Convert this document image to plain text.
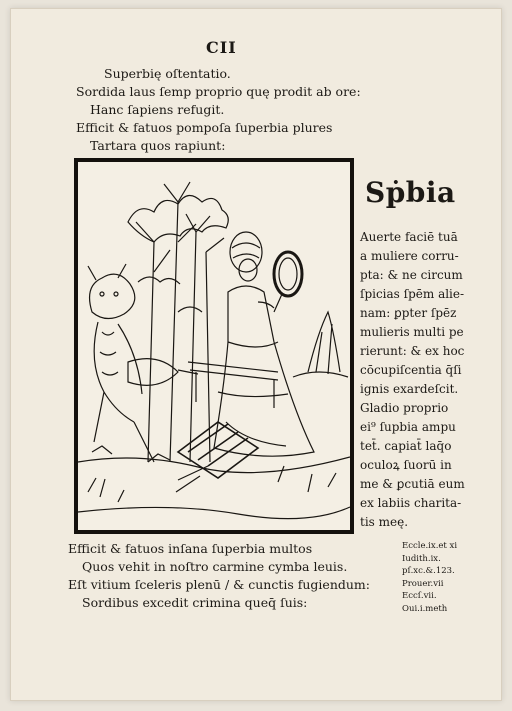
CII
Superbię oſtentatio.
Sordida laus ſemp proprio quę prodit ab ore:
Hanc ſapiens refugit.
Efficit & fatuos pompoſa ſuperbia plures
Tartara quos rapiunt:
Sṗbia
Auerte faciē tuā
a muliere corru-
pta: & ne circum
ſpicias ſpēm alie-
nam: ꝑpter ſpēz
mulieris multi pe
rierunt: & ex hoc
cōcupiſcentia q̄ſi
ignis exardeſcit.
Gladio proprio
ei⁹ ſupbia ampu
tet̄. capiat̄ laq̄o
oculoꝝ ſuorū in
me & ꝑcutiā eum
ex labiis charita-
tis meę.
Efficit & fatuos inſana ſuperbia multos
Quos vehit in noſtro carmine cymba leuis.
Eſt vitium ſceleris plenū / & cunctis fugiendum:
Sordibus excedit crimina queq̄ ſuis:
Eccle.ix.et xi
Iudith.ix.
pſ.xc.&.123.
Prouer.vii
Eccſ.vii.
Oui.i.meth
